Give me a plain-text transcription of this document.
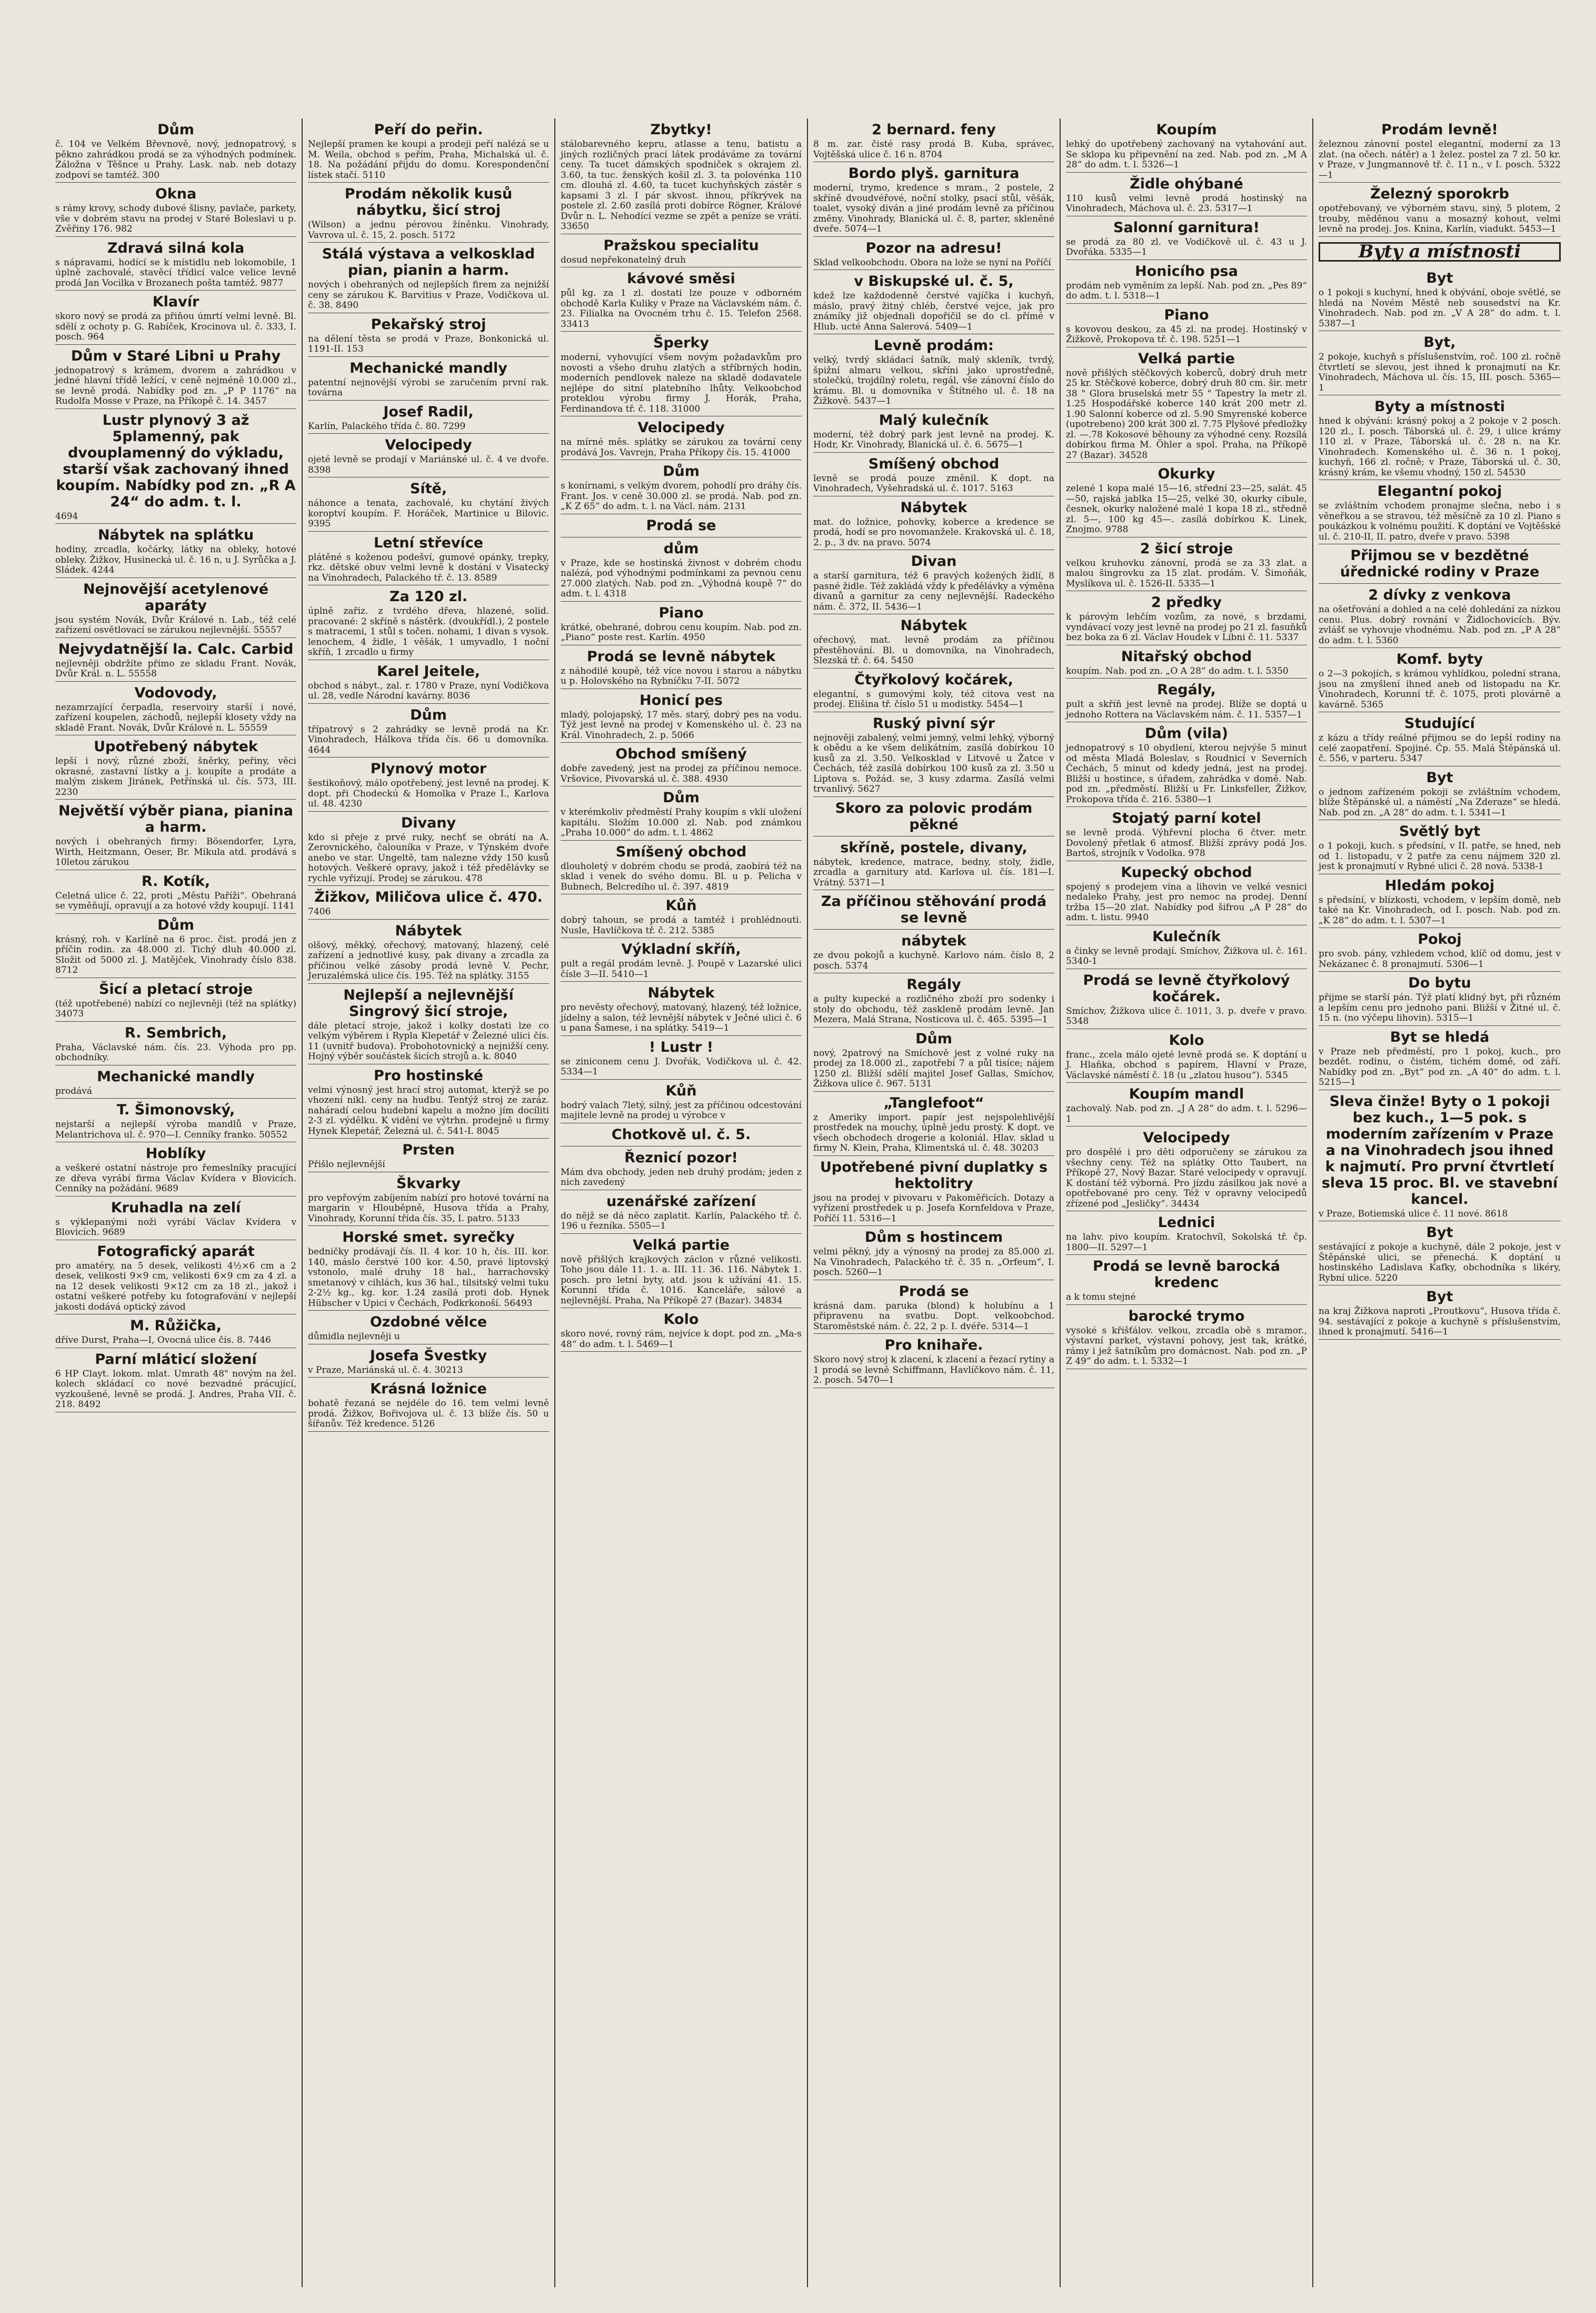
Dům
č. 104 ve Velkém Břevnově, nový, jednopatrový, s pěkno zahrádkou prodá se za výhodných podmínek. Záložna v Těšnce u Prahy. Lask. nab. neb dotazy zodpoví se tamtéž. 300
Okna
s rámy krovy, schody dubové šlisny, pavlače, parkety, vše v dobrém stavu na prodej v Staré Boleslavi u p. Zvěřiny 176. 982
Zdravá silná kola
s nápravami, hodící se k místidlu neb lokomobile, 1 úplně zachovalé, stavěcí třídicí valce velice levně prodá Jan Vocilka v Brozanech pošta tamtéž. 9877
Klavír
skoro nový se prodá za přiňou úmrtí velmi levně. Bl. sdělí z ochoty p. G. Rabíček, Krocinova ul. č. 333, I. posch. 964
Dům v Staré Libni u Prahy
jednopatrový s krámem, dvorem a zahrádkou v jedné hlavní třídě ležící, v ceně nejméně 10.000 zl., se levně prodá. Nabídky pod zn. „P P 1176“ na Rudolfa Mosse v Praze, na Příkopě č. 14. 3457
Lustr plynový 3 až 5plamenný, pak dvouplamenný do výkladu, starší však zachovaný ihned koupím. Nabídky pod zn. „R A 24“ do adm. t. l.
4694
Nábytek na splátku
hodiny, zrcadla, kočárky, látky na obleky, hotové obleky. Žižkov, Husinecká ul. č. 16 n, u J. Syrůčka a J. Sládek. 4244
Nejnovější acetylenové aparáty
jsou systém Novák, Dvůr Králové n. Lab., též celé zařízení osvětlovací se zárukou nejlevnější. 55557
Nejvydatnější la. Calc. Carbid
nejlevněji obdržíte přímo ze skladu Frant. Novák, Dvůr Král. n. L. 55558
Vodovody,
nezamrzající čerpadla, reservoiry starší i nové, zařízení koupelen, záchodů, nejlepší klosety vždy na skladě Frant. Novák, Dvůr Králové n. L. 55559
Upotřebený nábytek
lepší i nový, různé zboží, šněrky, peřiny, věci okrasné, zastavní lístky a j. koupíte a prodáte a malým ziskem Jiránek, Petřínská ul. čís. 573, III. 2230
Největší výběr piana, pianina a harm.
nových i obehraných firmy: Bösendorfer, Lyra, Wirth, Heitzmann, Oeser, Br. Mikula atd. prodává s 10letou zárukou
R. Kotík,
Celetná ulice č. 22, proti „Městu Paříži“. Obehraná se vyměňují, opravují a za hotové vždy koupují. 1141
Dům
krásný, roh. v Karlíně na 6 proc. čist. prodá jen z příčin rodin. za 48.000 zl. Tichý dluh 40.000 zl. Složit od 5000 zl. J. Matějček, Vinohrady číslo 838. 8712
Šicí a pletací stroje
(též upotřebené) nabízí co nejlevněji (též na splátky) 34073
R. Sembrich,
Praha, Václavské nám. čís. 23. Výhoda pro pp. obchodníky.
Mechanické mandly
prodává
T. Šimonovský,
nejstarší a nejlepší výroba mandlů v Praze, Melantrichova ul. č. 970—I. Cenníky franko. 50552
Hoblíky
a veškeré ostatní nástroje pro řemeslníky pracující ze dřeva vyrábí firma Václav Kvídera v Blovicích. Cenníky na požádání. 9689
Kruhadla na zelí
s výklepanými noži vyrábí Václav Kvídera v Blovicích. 9689
Fotografický aparát
pro amatéry, na 5 desek, velikosti 4½×6 cm a 2 desek, velikosti 9×9 cm, velikosti 6×9 cm za 4 zl. a na 12 desek velikosti 9×12 cm za 18 zl., jakož i ostatní veškeré potřeby ku fotografování v nejlepší jakosti dodává optický závod
M. Růžička,
dříve Durst, Praha—I, Ovocná ulice čís. 8. 7446
Parní mláticí složení
6 HP Clayt. lokom. mlat. Umrath 48" novým na žel. kolech skládací co nové bezvadné prácující, vyzkoušené, levně se prodá. J. Andres, Praha VII. č. 218. 8492
Peří do peřin.
Nejlepší pramen ke koupi a prodeji peří nalézá se u M. Weila, obchod s peřím, Praha, Michalská ul. č. 18. Na požádání přijdu do domu. Korespondenční lístek stačí. 5110
Prodám několik kusů nábytku, šicí stroj
(Wilson) a jednu pérovou žíněnku. Vinohrady, Vavrova ul. č. 15, 2. posch. 5172
Stálá výstava a velkosklad pian, pianin a harm.
nových i obehraných od nejlepších firem za nejnižší ceny se zárukou K. Barvitius v Praze, Vodičkova ul. č. 38. 8490
Pekařský stroj
na dělení těsta se prodá v Praze, Bonkonická ul. 1191-II. 153
Mechanické mandly
patentní nejnovější výrobi se zaručením první rak. továrna
Josef Radil,
Karlín, Palackého třída č. 80. 7299
Velocipedy
ojeté levně se prodají v Mariánské ul. č. 4 ve dvoře. 8398
Sítě,
náhonce a tenata, zachovalé, ku chytání živých koroptví koupím. F. Horáček, Martinice u Bilovic. 9395
Letní střevíce
plátěné s koženou podešví, gumové opánky, trepky, rkz. dětské obuv velmi levně k dostání v Visatecký na Vinohradech, Palackého tř. č. 13. 8589
Za 120 zl.
úplně zařiz. z tvrdého dřeva, hlazené, solid. pracované: 2 skříně s nástěrk. (dvoukřídl.), 2 postele s matracemi, 1 stůl s točen. nohami, 1 divan s vysok. lenochem, 4 židle, 1 věšák, 1 umyvadlo, 1 noční skříň, 1 zrcadlo u firmy
Karel Jeitele,
obchod s nábyt., zal. r. 1780 v Praze, nyní Vodičkova ul. 28, vedle Národní kavárny. 8036
Dům
třípatrový s 2 zahrádky se levně prodá na Kr. Vinohradech, Hálkova třída čís. 66 u domovníka. 4644
Plynový motor
šestikoňový, málo opotřebený, jest levně na prodej. K dopt. při Chodeckú & Homolka v Praze I., Karlova ul. 48. 4230
Divany
kdo si přeje z prvé ruky, nechť se obrátí na A. Zerovnického, čalouníka v Praze, v Týnském dvoře anebo ve star. Ungeltě, tam nalezne vždy 150 kusů hotových. Veškeré opravy, jakož i též předělávky se rychle vyřizují. Prodej se zárukou. 478
Žižkov, Miličova ulice č. 470.
7406
Nábytek
olšový, měkký, ořechový, matovaný, hlazený, celé zařízení a jednotlivé kusy, pak divany a zrcadla za příčinou velké zásoby prodá levně V. Pechr, Jeruzalémská ulice čís. 195. Též na splátky. 3155
Nejlepší a nejlevnější Singrový šicí stroje,
dále pletací stroje, jakož i kolky dostati lze co velkým výběrem i Rypla Klepetář v Železné ulici čís. 11 (uvnitř budova). Probohotovnický a nejnižší ceny. Hojný výběr součástek šicích strojů a. k. 8040
Pro hostinské
velmi výnosný jest hrací stroj automat, kterýž se po vhození nikl. ceny na hudbu. Tentýž stroj ze zaráz. naháradí celou hudební kapelu a možno jím docíliti 2-3 zl. výdělku. K vidění ve výtrhn. prodejně u firmy Hynek Klepetář, Železná ul. č. 541-I. 8045
Prsten
Přišlo nejlevnější
Škvarky
pro vepřovým zabíjením nabízí pro hotové tovární na margarin v Hlouběpně, Husova třída a Prahy, Vinohrady, Korunní třída čís. 35, I. patro. 5133
Horské smet. syrečky
bedničky prodávají čís. II. 4 kor. 10 h, čís. III. kor. 140, máslo čerstvé 100 kor. 4.50, pravé liptovský vstonolo, malé druhy 18 hal., harrachovský smetanový v cihlách, kus 36 hal., tilsitský velmi tuku 2-2½ kg., kg. kor. 1.24 zasílá proti dob. Hynek Hübscher v Upici v Čechách, Podkrkonoší. 56493
Ozdobné vělce
důmidla nejlevněji u
Josefa Švestky
v Praze, Mariánská ul. č. 4. 30213
Krásná ložnice
bohatě řezaná se nejdéle do 16. tem velmi levně prodá. Žižkov, Bořivojova ul. č. 13 blíže čís. 50 u šířanův. Též kredence. 5126
Zbytky!
stálobarevného kepru, atlasse a tenu, batistu a jiných rozličných prací látek prodáváme za tovární ceny. Ta tucet dámských spodniček s okrajem zl. 3.60, ta tuc. ženských košil zl. 3. ta polovénka 110 cm. dlouhá zl. 4.60, ta tucet kuchyňských zástěr s kapsami 3 zl. I pár skvost. ihnou, příkrývek na postele zl. 2.60 zasílá proti dobírce Rögner, Králové Dvůr n. L. Nehodící vezme se zpět a peníze se vrátí. 33650
Pražskou specialitu
dosud nepřekonatelný druh
kávové směsi
půl kg. za 1 zl. dostati lze pouze v odborném obchodě Karla Kuliky v Praze na Václavském nám. č. 23. Filialka na Ovocném trhu č. 15. Telefon 2568. 33413
Šperky
moderní, vyhovující všem novým požadavkům pro novosti a všeho druhu zlatých a stříbrných hodin, moderních pendlovek naleze na skladě dodavatele nejlépe do sitní platebního lhůty. Velkoobchod proteklou výrobu firmy J. Horák, Praha, Ferdinandova tř. č. 118. 31000
Velocipedy
na mírné měs. splátky se zárukou za tovární ceny prodává Jos. Vavrejn, Praha Příkopy čís. 15. 41000
Dům
s konírnami, s velkým dvorem, pohodlí pro dráhy čís. Frant. Jos. v ceně 30.000 zl. se prodá. Nab. pod zn. „K Z 65“ do adm. t. l. na Václ. nám. 2131
Prodá se
dům
v Praze, kde se hostinská živnost v dobrém chodu nalézá, pod výhodnými podmínkami za pevnou cenu 27.000 zlatých. Nab. pod zn. „Výhodná koupě 7“ do adm. t. l. 4318
Piano
krátké, obehrané, dobrou cenu koupím. Nab. pod zn. „Piano“ poste rest. Karlín. 4950
Prodá se levně nábytek
z náhodilé koupě, též více novou i starou a nábytku u p. Holovského na Rybníčku 7-II. 5072
Honicí pes
mladý, polojapský, 17 měs. starý, dobrý pes na vodu. Týž jest levně na prodej v Komenského ul. č. 23 na Král. Vinohradech, 2. p. 5066
Obchod smíšený
dobře zavedený, jest na prodej za příčinou nemoce. Vršovice, Pivovarská ul. č. 388. 4930
Dům
v kterémkoliv předměstí Prahy koupím s vklí uložení kapitálu. Složím 10.000 zl. Nab. pod známkou „Praha 10.000“ do adm. t. l. 4862
Smíšený obchod
dlouholetý v dobrém chodu se prodá, zaobírá též na sklad i venek do svého domu. Bl. u p. Pelicha v Bubnech, Belcredího ul. č. 397. 4819
Kůň
dobrý tahoun, se prodá a tamtéž i prohlédnouti. Nusle, Havlíčkova tř. č. 212. 5385
Výkladní skříň,
pult a regál prodám levně. J. Poupě v Lazarské ulici čísle 3—II. 5410—1
Nábytek
pro nevěsty ořechový, matovaný, hlazený, též ložnice, jídelny a salon, též levnější nábytek v Ječné ulici č. 6 u pana Šamese, i na splátky. 5419—1
! Lustr !
se ziniconem cenu J. Dvořák, Vodičkova ul. č. 42. 5334—1
Kůň
bodrý valach 7letý, silný, jest za příčinou odcestování majitele levně na prodej u výrobce v
Chotkově ul. č. 5.
Řeznicí pozor!
Mám dva obchody, jeden neb druhý prodám; jeden z nich zavedený
uzenářské zařízení
do nějž se dá něco zaplatit. Karlín, Palackého tř. č. 196 u řezníka. 5505—1
Velká partie
nově přišlých krajkových záclon v různé velikosti. Toho jsou dále 11. 1. a. III. 11. 36. 116. Nábytek 1. posch. pro letní byty, atd. jsou k užívání 41. 15. Korunní třída č. 1016. Kanceláře, sálové a nejlevnější. Praha, Na Příkopě 27 (Bazar). 34834
Kolo
skoro nové, rovný rám, nejvíce k dopt. pod zn. „Ma-s 48“ do adm. t. l. 5469—1
2 bernard. feny
8 m. zar. čisté rasy prodá B. Kuba, správec, Vojtěšská ulice č. 16 n. 8704
Bordo plyš. garnitura
moderní, trymo, kredence s mram., 2 postele, 2 skříně dvoudvéřové, noční stolky, psací stůl, věšák, toalet, vysoký diván a jiné prodám levně za příčinou změny. Vinohrady, Blanická ul. č. 8, parter, skleněné dveře. 5074—1
Pozor na adresu!
Sklad velkoobchodu. Obora na lože se nyní na Poříčí
v Biskupské ul. č. 5,
kdež lze každodenně čerstvé vajíčka i kuchyň, máslo, pravý žitný chléb, čerstvé vejce, jak pro známíky již objednali dopořičil se do cl. přímé v Hlub. ucté Anna Salerová. 5409—1
Levně prodám:
velký, tvrdý skládací šatník, malý skleník, tvrdý, špižní almaru velkou, skříni jako uprostředně, stolečkú, trojdílný roletu, regál, vše zánovní číslo do krámu. Bl. u domovníka v Štítného ul. č. 18 na Žižkově. 5437—1
Malý kulečník
moderní, též dobrý park jest levně na prodej. K. Hodr, Kr. Vinohrady, Blanická ul. č. 6. 5675—1
Smíšený obchod
levně se prodá pouze změnil. K dopt. na Vinohradech, Vyšehradská ul. č. 1017. 5163
Nábytek
mat. do ložnice, pohovky, koberce a kredence se prodá, hodí se pro novomanžele. Krakovská ul. č. 18, 2. p., 3 dv. na pravo. 5074
Divan
a starší garnitura, též 6 pravých kožených židlí, 8 pasné židle. Též zakládá vždy k předělávky a výměna divanů a garnitur za ceny nejlevnější. Radeckého nám. č. 372, II. 5436—1
Nábytek
ořechový, mat. levně prodám za příčinou přestěhování. Bl. u domovníka, na Vinohradech, Slezská tř. č. 64. 5450
Čtyřkolový kočárek,
elegantní, s gumovými koly, též citova vest na prodej. Elišina tř. číslo 51 u modistky. 5454—1
Ruský pivní sýr
nejnověji zabalený, velmi jemný, velmi lehký, výborný k obědu a ke všem delikátním, zasílá dobírkou 10 kusů za zl. 3.50. Velkosklad v Litvově u Žatce v Čechách, též zasílá dobírkou 100 kusů za zl. 3.50 u Liptova s. Požád. se, 3 kusy zdarma. Zasílá velmi trvanlivý. 5627
Skoro za polovic prodám pěkné
skříně, postele, divany,
nábytek, kredence, matrace, bedny, stoly, židle, zrcadla a garnitury atd. Karlova ul. čís. 181—I. Vrátný. 5371—1
Za příčinou stěhování prodá se levně
nábytek
ze dvou pokojů a kuchyně. Karlovo nám. číslo 8, 2 posch. 5374
Regály
a pulty kupecké a rozličného zboží pro sodenky i stoly do obchodu, též zaskleně prodám levně. Jan Mezera, Malá Strana, Nosticova ul. č. 465. 5395—1
Dům
nový, 2patrový na Smíchově jest z volné ruky na prodej za 18.000 zl., zapotřebí 7 a půl tisíce; nájem 1250 zl. Bližší sdělí majitel Josef Gallas, Smíchov, Žižkova ulice č. 967. 5131
„Tanglefoot“
z Ameriky import. papír jest nejspolehlivější prostředek na mouchy, úplně jedu prostý. K dopt. ve všech obchodech drogerie a koloniál. Hlav. sklad u firmy N. Klein, Praha, Klimentská ul. č. 48. 30203
Upotřebené pivní duplatky s hektolitry
jsou na prodej v pivovaru v Pakoměřicích. Dotazy a vyřízení prostředek u p. Josefa Kornfeldova v Praze, Poříčí 11. 5316—1
Dům s hostincem
velmi pěkný, jdy a výnosný na prodej za 85.000 zl. Na Vinohradech, Palackého tř. č. 35 n. „Orfeum“, I. posch. 5260—1
Prodá se
krásná dam. paruka (blond) k holubínu a 1 připravenu na svatbu. Dopt. velkoobchod. Staroměstské nám. č. 22, 2 p. I. dvéře. 5314—1
Pro knihaře.
Skoro nový stroj k zlacení, k zlacení a řezací rytiny a 1 prodá se levně Schiffmann, Havlíčkovo nám. č. 11, 2. posch. 5470—1
Koupím
lehký do upotřebený zachovaný na vytahování aut. Se sklopa ku připevnění na zed. Nab. pod zn. „M A 28“ do adm. t. l. 5326—1
Židle ohýbané
110 kusů velmi levně prodá hostinský na Vinohradech, Máchova ul. č. 23. 5317—1
Salonní garnitura!
se prodá za 80 zl. ve Vodičkově ul. č. 43 u J. Dvořáka. 5335—1
Honicího psa
prodám neb vyměním za lepší. Nab. pod zn. „Pes 89“ do adm. t. l. 5318—1
Piano
s kovovou deskou, za 45 zl. na prodej. Hostinský v Žižkově, Prokopova tř. č. 198. 5251—1
Velká partie
nově přišlých stěčkových koberců, dobrý druh metr 25 kr. Stěčkové koberce, dobrý druh 80 cm. šir. metr 38 " Glora bruselská metr 55 " Tapestry la metr zl. 1.25 Hospodářské koberce 140 krát 200 metr zl. 1.90 Salonní koberce od zl. 5.90 Smyrenské koberce (upotrebeno) 200 krát 300 zl. 7.75 Plyšové předložky zl. —.78 Kokosové běhouny za výhodné ceny. Rozsílá dobírkou firma M. Öhler a spol. Praha, na Příkopě 27 (Bazar). 34528
Okurky
zelené 1 kopa malé 15—16, střední 23—25, salát. 45—50, rajská jablka 15—25, velké 30, okurky cibule, česnek, okurky naložené malé 1 kopa 18 zl., středně zl. 5—, 100 kg 45—. zasílá dobírkou K. Linek, Znojmo. 9788
2 šicí stroje
velkou kruhovku zánovní, prodá se za 33 zlat. a malou šingrovku za 15 zlat. prodám. V. Šimoňák, Myslíkova ul. č. 1526-II. 5335—1
2 předky
k párovým lehčím vozům, za nové, s brzdami, vyndávací vozy jest levně na prodej po 21 zl. fasuňků bez boka za 6 zl. Václav Houdek v Libni č. 11. 5337
Nitařský obchod
koupím. Nab. pod zn. „O A 28“ do adm. t. l. 5350
Regály,
pult a skříň jest levně na prodej. Blíže se doptá u jednoho Rottera na Václavském nám. č. 11. 5357—1
Dům (vila)
jednopatrový s 10 obydlení, kterou nejvýše 5 minut od města Mladá Boleslav, s Roudnicí v Severních Čechách, 5 minut od kdedy jedná, jest na prodej. Bližší u hostince, s úřadem, zahrádka v domě. Nab. pod zn. „předměstí. Bližší u Fr. Linksfeller, Žižkov, Prokopova třída č. 216. 5380—1
Stojatý parní kotel
se levně prodá. Výhřevní plocha 6 čtver. metr. Dovolený přetlak 6 atmosf. Bližší zprávy podá Jos. Bartoš, strojník v Vodolka. 978
Kupecký obchod
spojený s prodejem vína a lihovin ve velké vesnici nedaleko Prahy, jest pro nemoc na prodej. Denní tržba 15—20 zlat. Nabídky pod šifrou „A P 28“ do adm. t. listu. 9940
Kulečník
a činky se levně prodají. Smíchov, Žižkova ul. č. 161. 5340-1
Prodá se levně čtyřkolový kočárek.
Smíchov, Žižkova ulice č. 1011, 3. p. dveře v pravo. 5348
Kolo
franc., zcela málo ojeté levně prodá se. K doptání u J. Hlaňka, obchod s papírem, Hlavní v Praze, Václavské náměstí č. 18 (u „zlatou husou“). 5345
Koupím mandl
zachovalý. Nab. pod zn. „J A 28“ do adm. t. l. 5296—1
Velocipedy
pro dospělé i pro děti odporučeny se zárukou za všechny ceny. Též na splátky Otto Taubert, na Příkopě 27, Nový Bazar. Staré velocipedy v opravují. K dostání též výborná. Pro jízdu zásilkou jak nové a opotřebované pro ceny. Též v opravny velocipedů zřízené pod „Jesličky“. 34434
Lednici
na lahv. pivo koupím. Kratochvíl, Sokolská tř. čp. 1800—II. 5297—1
Prodá se levně barocká kredenc
a k tomu stejné
barocké trymo
vysoké s křišťálov. velkou, zrcadla obě s mramor., výstavní parket, výstavní pohovy, jest tak, krátké, rámy i jež šatníkům pro domácnost. Nab. pod zn. „P Z 49“ do adm. t. l. 5332—1
Prodám levně!
železnou zánovní postel elegantní, moderní za 13 zlat. (na očech. nátěr) a 1 želez. postel za 7 zl. 50 kr. v Praze, v Jungmannově tř. č. 11 n., v I. posch. 5322—1
Železný sporokrb
opotřebovaný, ve výborném stavu, siný, 5 plotem, 2 trouby, měděnou vanu a mosazný kohout, velmi levně na prodej. Jos. Knina, Karlín, viadukt. 5453—1
Byty a místnosti
Byt
o 1 pokoji s kuchyní, hned k obývání, oboje světlé, se hledá na Novém Městě neb sousedství na Kr. Vinohradech. Nab. pod zn. „V A 28“ do adm. t. l. 5387—1
Byt,
2 pokoje, kuchyň s příslušenstvím, roč. 100 zl. ročně čtvrtletí se slevou, jest ihned k pronajmutí na Kr. Vinohradech, Máchova ul. čís. 15, III. posch. 5365—1
Byty a místnosti
hned k obývání: krásný pokoj a 2 pokoje v 2 posch. 120 zl., I. posch. Táborská ul. č. 29, i ulice krámy 110 zl. v Praze, Táborská ul. č. 28 n. na Kr. Vinohradech. Komenského ul. č. 36 n. 1 pokoj, kuchyň, 166 zl. ročně; v Praze, Táborská ul. č. 30, krásný krám, ke všemu vhodný, 150 zl. 54530
Elegantní pokoj
se zvláštním vchodem pronajme slečna, nebo i s věneřkou a se stravou, též měsíčně za 10 zl. Piano s poukázkou k volnému použití. K doptání ve Vojtěšské ul. č. 210-II, II. patro, dveře v pravo. 5398
Přijmou se v bezdětné úřednické rodiny v Praze
2 dívky z venkova
na ošetřování a dohled a na celé dohledání za nízkou cenu. Plus. dobrý rovnání v Židlochovicích. Býv. zvlášť se vyhovuje vhodnému. Nab. pod zn. „P A 28“ do adm. t. l. 5360
Komf. byty
o 2—3 pokojích, s krámou vyhlídkou, polední strana, jsou na zmyšlení ihned aneb od listopadu na Kr. Vinohradech, Korunní tř. č. 1075, proti plovárně a kavárně. 5365
Studující
z kázu a třídy reálné přijmou se do lepší rodiny na celé zaopatření. Spojiné. Čp. 55. Malá Štěpánská ul. č. 556, v parteru. 5347
Byt
o jednom zařízeném pokoji se zvláštním vchodem, blíže Štěpánské ul. a náměstí „Na Zderaze“ se hledá. Nab. pod zn. „A 28“ do adm. t. l. 5341—1
Světlý byt
o 1 pokoji, kuch. s předsíní, v II. patře, se hned, neb od 1. listopadu, v 2 patře za cenu nájmem 320 zl. jest k pronajmutí v Rybné ulici č. 28 nová. 5338-1
Hledám pokoj
s předsíní, v blízkosti, vchodem, v lepším domě, neb také na Kr. Vinohradech, od I. posch. Nab. pod zn. „K 28“ do adm. t. l. 5307—1
Pokoj
pro svob. pány, vzhledem vchod, klíč od domu, jest v Nekázanec č. 8 pronajmutí. 5306—1
Do bytu
přijme se starší pán. Týž platí klidný byt, při různém a lepším cenu pro jednoho pani. Bližší v Žitné ul. č. 15 n. (no výčepu lihovin). 5315—1
Byt se hledá
v Praze neb předměstí, pro 1 pokoj, kuch., pro bezdět. rodinu, o čistém, tichém domě, od září. Nabídky pod zn. „Byt“ pod zn. „A 40“ do adm. t. l. 5215—1
Sleva činže! Byty o 1 pokoji bez kuch., 1—5 pok. s moderním zařízením v Praze a na Vinohradech jsou ihned k najmutí. Pro první čtvrtletí sleva 15 proc. Bl. ve stavební kancel.
v Praze, Botiemská ulice č. 11 nové. 8618
Byt
sestávající z pokoje a kuchyně, dále 2 pokoje, jest v Štěpánské ulici, se přenechá. K doptání u hostinského Ladislava Kafky, obchodníka s likéry, Rybní ulice. 5220
Byt
na kraj Žižkova naproti „Proutkovu“, Husova třída č. 94. sestávající z pokoje a kuchyně s příslušenstvím, ihned k pronajmutí. 5416—1
